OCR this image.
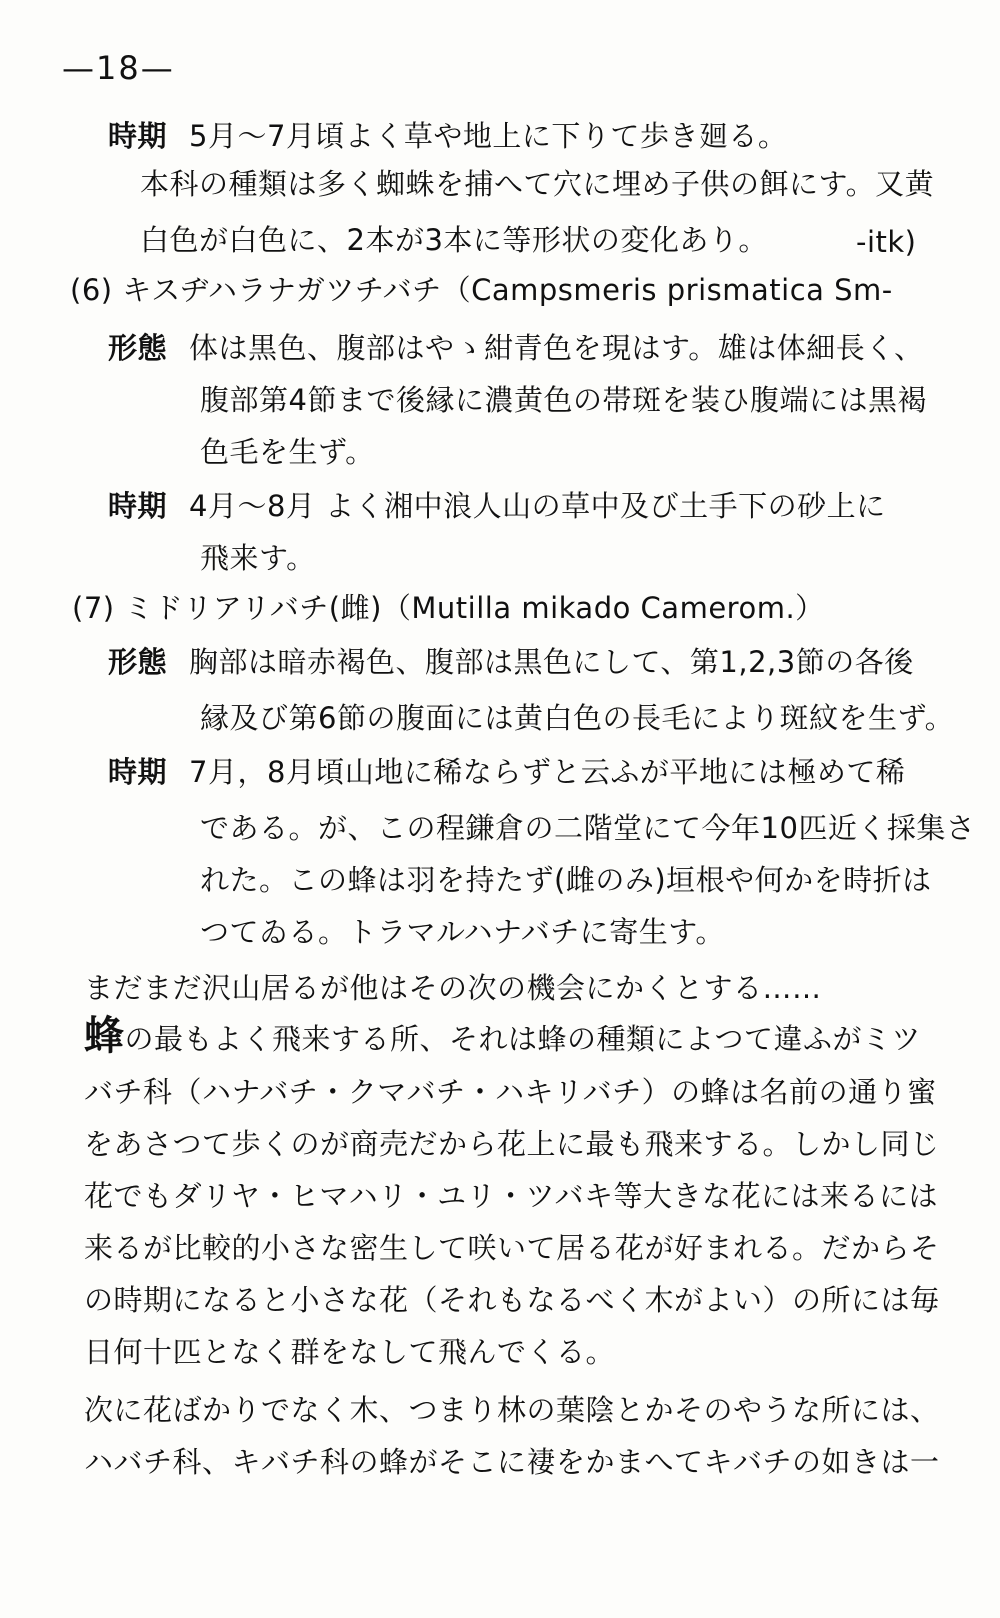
—18—
時期 5月〜7月頃よく草や地上に下りて歩き廻る。
本科の種類は多く蜘蛛を捕へて穴に埋め子供の餌にす。又黄
白色が白色に、2本が3本に等形状の変化あり。	-itk)
(6) キスヂハラナガツチバチ（Campsmeris prismatica Sm-
形態 体は黒色、腹部はやゝ紺青色を現はす。雄は体細長く、
腹部第4節まで後縁に濃黄色の帯斑を装ひ腹端には黒褐
色毛を生ず。
時期 4月〜8月 よく湘中浪人山の草中及び土手下の砂上に
飛来す。
(7) ミドリアリバチ(雌)（Mutilla mikado Camerom.）
形態 胸部は暗赤褐色、腹部は黒色にして、第1,2,3節の各後
縁及び第6節の腹面には黄白色の長毛により斑紋を生ず。
時期 7月，8月頃山地に稀ならずと云ふが平地には極めて稀
である。が、この程鎌倉の二階堂にて今年10匹近く採集さ
れた。この蜂は羽を持たず(雌のみ)垣根や何かを時折は
つてゐる。トラマルハナバチに寄生す。
まだまだ沢山居るが他はその次の機会にかくとする……
蜂の最もよく飛来する所、それは蜂の種類によつて違ふがミツ
バチ科（ハナバチ・クマバチ・ハキリバチ）の蜂は名前の通り蜜
をあさつて歩くのが商売だから花上に最も飛来する。しかし同じ
花でもダリヤ・ヒマハリ・ユリ・ツバキ等大きな花には来るには
来るが比較的小さな密生して咲いて居る花が好まれる。だからそ
の時期になると小さな花（それもなるべく木がよい）の所には毎
日何十匹となく群をなして飛んでくる。
次に花ばかりでなく木、つまり林の葉陰とかそのやうな所には、
ハバチ科、キバチ科の蜂がそこに褄をかまへてキバチの如きは一
